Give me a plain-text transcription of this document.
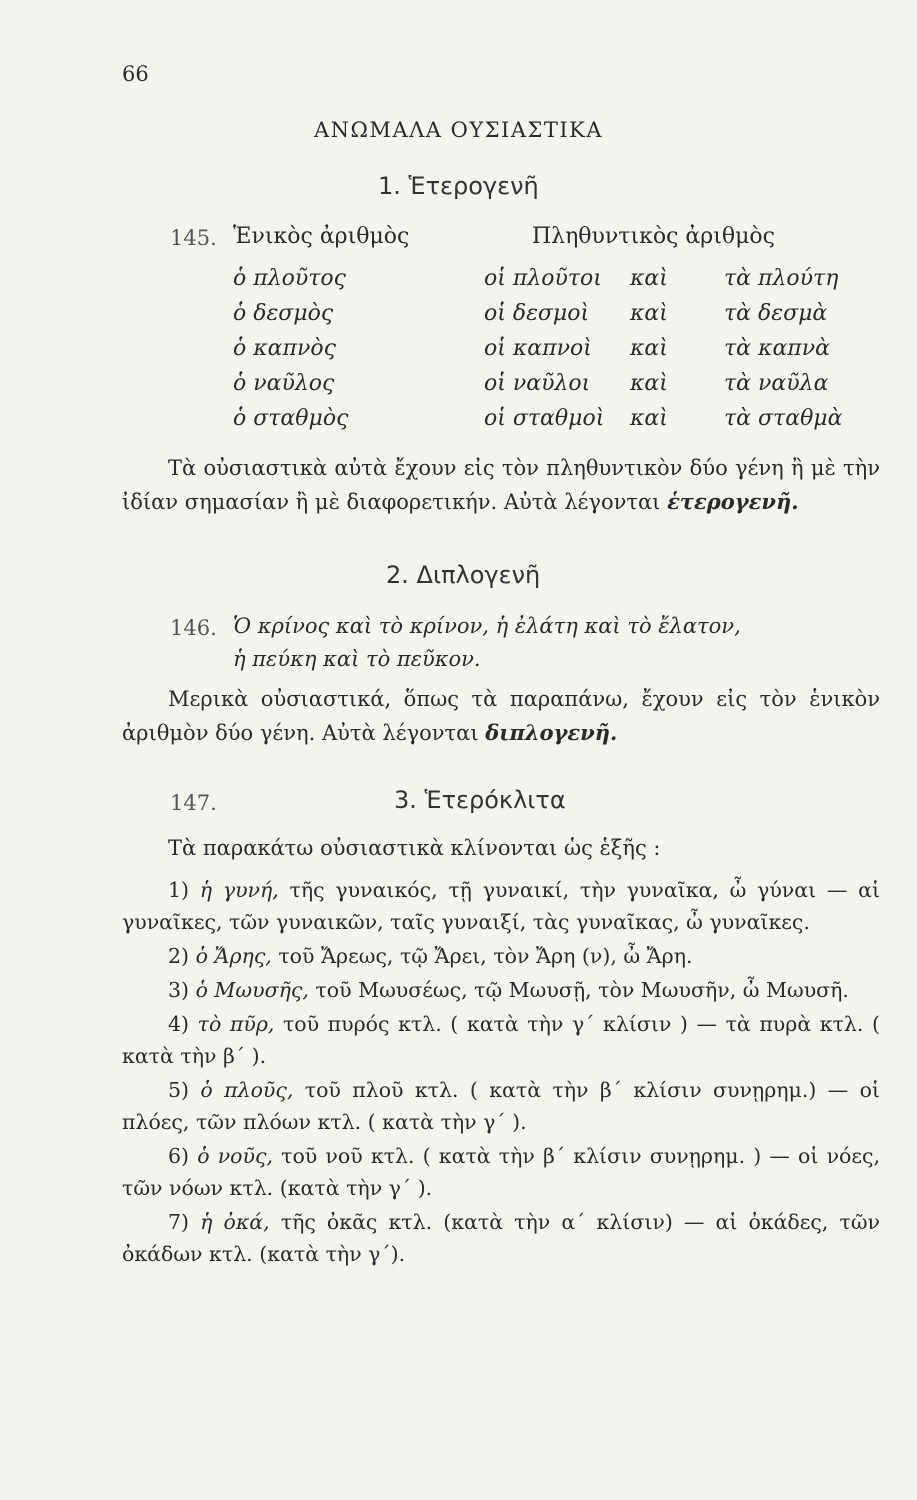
66
ΑΝΩΜΑΛΑ ΟΥΣΙΑΣΤΙΚΑ
1. Ἑτερογενῆ
145. Ἑνικὸς ἀριθμὸς	Πληθυντικὸς ἀριθμὸς
ὁ πλοῦτος	οἱ πλοῦτοι καὶ	τὰ πλούτη
ὁ δεσμὸς	οἱ δεσμοὶ καὶ	τὰ δεσμὰ
ὁ καπνὸς	οἱ καπνοὶ καὶ	τὰ καπνὰ
ὁ ναῦλος	οἱ ναῦλοι καὶ	τὰ ναῦλα
ὁ σταθμὸς	οἱ σταθμοὶ καὶ	τὰ σταθμὰ
Τὰ οὐσιαστικὰ αὐτὰ ἔχουν εἰς τὸν πληθυντικὸν δύο γένη ἢ μὲ τὴν ἰδίαν σημασίαν ἢ μὲ διαφορετικήν. Αὐτὰ λέγονται ἑτερογενῆ.
2. Διπλογενῆ
146. Ὁ κρίνος καὶ τὸ κρίνον, ἡ ἐλάτη καὶ τὸ ἔλατον,
ἡ πεύκη καὶ τὸ πεῦκον.
Μερικὰ οὐσιαστικά, ὅπως τὰ παραπάνω, ἔχουν εἰς τὸν ἑνικὸν ἀριθμὸν δύο γένη. Αὐτὰ λέγονται διπλογενῆ.
147.	3. Ἑτερόκλιτα
Τὰ παρακάτω οὐσιαστικὰ κλίνονται ὡς ἑξῆς :

1) ἡ γυνή, τῆς γυναικός, τῇ γυναικί, τὴν γυναῖκα, ὦ γύναι — αἱ γυναῖκες, τῶν γυναικῶν, ταῖς γυναιξί, τὰς γυναῖκας, ὦ γυναῖκες.

2) ὁ Ἄρης, τοῦ Ἄρεως, τῷ Ἄρει, τὸν Ἄρη (ν), ὦ Ἄρη.

3) ὁ Μωυσῆς, τοῦ Μωυσέως, τῷ Μωυσῇ, τὸν Μωυσῆν, ὦ Μωυσῆ.

4) τὸ πῦρ, τοῦ πυρός κτλ. ( κατὰ τὴν γ΄ κλίσιν ) — τὰ πυρὰ κτλ. ( κατὰ τὴν β΄ ).

5) ὁ πλοῦς, τοῦ πλοῦ κτλ. ( κατὰ τὴν β΄ κλίσιν συνῃρημ.) — οἱ πλόες, τῶν πλόων κτλ. ( κατὰ τὴν γ΄ ).

6) ὁ νοῦς, τοῦ νοῦ κτλ. ( κατὰ τὴν β΄ κλίσιν συνῃρημ. ) — οἱ νόες, τῶν νόων κτλ. (κατὰ τὴν γ΄ ).

7) ἡ ὀκά, τῆς ὀκᾶς κτλ. (κατὰ τὴν α΄ κλίσιν) — αἱ ὀκάδες, τῶν ὀκάδων κτλ. (κατὰ τὴν γ΄).
